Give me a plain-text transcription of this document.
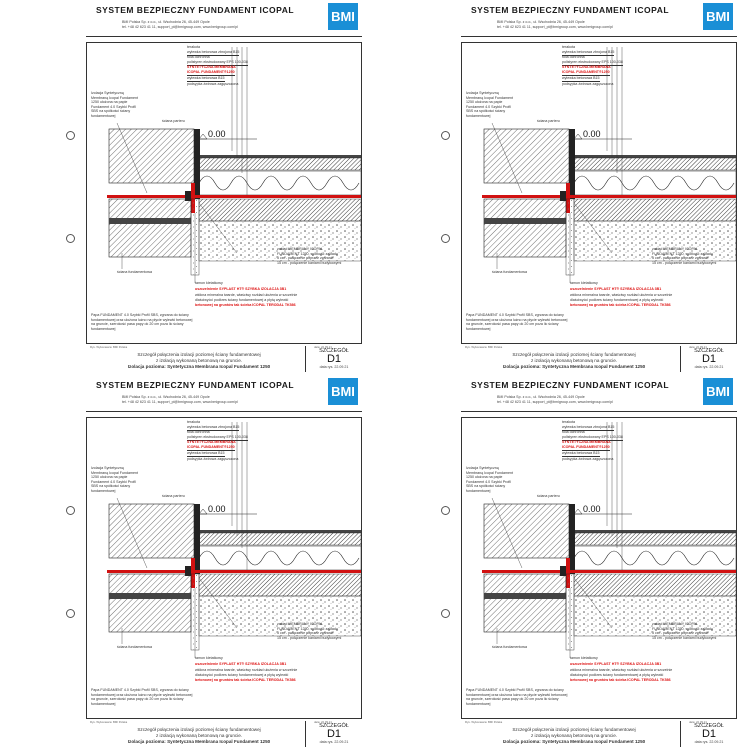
SYSTEM BEZPIECZNY FUNDAMENT ICOPAL
BMI Polska Sp. z o.o., ul. Wschodnia 26, 45-449 Opole
tel. +48 42 623 41 11, support_pl@bmigroup.com, www.bmigroup.com/pl
BMI
terakota
wylewka betonowa zbrojona B15
folia ochronna
polistyren ekstrudowany EPS 100-038
SYNTETYCZNA MEMBRANA
ICOPAL FUNDAMENT®1250
wylewka betonowa B15
podsypka żwirowa zagęszczona
Izolacja Syntetyczną
Membraną Icopal Fundament
1250 ułożona na papie
Fundament 4.0 Szybki Profil
SBS na spółkości ściany
fundamentowej
ściana parteru
0.00
zakład MEMBRANY ICOPAL
FUNDAMENT 1250, spółkość zakładu
5 cm - połączenie poprzez zgrzanie
15 cm - połączenie kaniami budykowymi
ściana fundamentowa
tamon kletatkowy
uszczelnienie SYPLAST HT® SZYBKA IZOLACJA 3B1
włókna mineralna twarde, właściwy rozkład ułożenia w szczelnie
dlaściwyćci podkres ściany fundamentowej a płytą wylewki
betonowej na gruntów tak ścieka ICOPAL TERODAL TK586
Papa FUNDAMENT 4.0 Szybki Profil SBS, zgrzana do ściany
fundamentowej oraz ułożona luźno na płycie wylewki betonowej
na gruncie, szerokość pasa papy ok 20 cm poza lic ściany
fundamentowej
Rys. Wykonawca: BMI Polska	data: 22.09.21
Szczegół połączenia izolacji poziomej ściany fundamentowej
z izolacją wykonaną betonową na gruncie.
Izolacja pozioma: Syntetyczna Membrana Icopal Fundament 1250
SZCZEGÓŁ
D1
data rys. 22.09.21
SYSTEM BEZPIECZNY FUNDAMENT ICOPAL
BMI Polska Sp. z o.o., ul. Wschodnia 26, 45-449 Opole
tel. +48 42 623 41 11, support_pl@bmigroup.com, www.bmigroup.com/pl
BMI
terakota
wylewka betonowa zbrojona B15
folia ochronna
polistyren ekstrudowany EPS 100-038
SYNTETYCZNA MEMBRANA
ICOPAL FUNDAMENT®1250
wylewka betonowa B15
podsypka żwirowa zagęszczona
Izolacja Syntetyczną
Membraną Icopal Fundament
1250 ułożona na papie
Fundament 4.0 Szybki Profil
SBS na spółkości ściany
fundamentowej
ściana parteru
0.00
zakład MEMBRANY ICOPAL
FUNDAMENT 1250, spółkość zakładu
5 cm - połączenie poprzez zgrzanie
15 cm - połączenie kaniami budykowymi
ściana fundamentowa
tamon kletatkowy
uszczelnienie SYPLAST HT® SZYBKA IZOLACJA 3B1
włókna mineralna twarde, właściwy rozkład ułożenia w szczelnie
dlaściwyćci podkres ściany fundamentowej a płytą wylewki
betonowej na gruntów tak ścieka ICOPAL TERODAL TK586
Papa FUNDAMENT 4.0 Szybki Profil SBS, zgrzana do ściany
fundamentowej oraz ułożona luźno na płycie wylewki betonowej
na gruncie, szerokość pasa papy ok 20 cm poza lic ściany
fundamentowej
Rys. Wykonawca: BMI Polska	data: 22.09.21
Szczegół połączenia izolacji poziomej ściany fundamentowej
z izolacją wykonaną betonową na gruncie.
Izolacja pozioma: Syntetyczna Membrana Icopal Fundament 1250
SZCZEGÓŁ
D1
data rys. 22.09.21
SYSTEM BEZPIECZNY FUNDAMENT ICOPAL
BMI Polska Sp. z o.o., ul. Wschodnia 26, 45-449 Opole
tel. +48 42 623 41 11, support_pl@bmigroup.com, www.bmigroup.com/pl
BMI
terakota
wylewka betonowa zbrojona B15
folia ochronna
polistyren ekstrudowany EPS 100-038
SYNTETYCZNA MEMBRANA
ICOPAL FUNDAMENT®1250
wylewka betonowa B15
podsypka żwirowa zagęszczona
Izolacja Syntetyczną
Membraną Icopal Fundament
1250 ułożona na papie
Fundament 4.0 Szybki Profil
SBS na spółkości ściany
fundamentowej
ściana parteru
0.00
zakład MEMBRANY ICOPAL
FUNDAMENT 1250, spółkość zakładu
5 cm - połączenie poprzez zgrzanie
15 cm - połączenie kaniami budykowymi
ściana fundamentowa
tamon kletatkowy
uszczelnienie SYPLAST HT® SZYBKA IZOLACJA 3B1
włókna mineralna twarde, właściwy rozkład ułożenia w szczelnie
dlaściwyćci podkres ściany fundamentowej a płytą wylewki
betonowej na gruntów tak ścieka ICOPAL TERODAL TK586
Papa FUNDAMENT 4.0 Szybki Profil SBS, zgrzana do ściany
fundamentowej oraz ułożona luźno na płycie wylewki betonowej
na gruncie, szerokość pasa papy ok 20 cm poza lic ściany
fundamentowej
Rys. Wykonawca: BMI Polska	data: 22.09.21
Szczegół połączenia izolacji poziomej ściany fundamentowej
z izolacją wykonaną betonową na gruncie.
Izolacja pozioma: Syntetyczna Membrana Icopal Fundament 1250
SZCZEGÓŁ
D1
data rys. 22.09.21
SYSTEM BEZPIECZNY FUNDAMENT ICOPAL
BMI Polska Sp. z o.o., ul. Wschodnia 26, 45-449 Opole
tel. +48 42 623 41 11, support_pl@bmigroup.com, www.bmigroup.com/pl
BMI
terakota
wylewka betonowa zbrojona B15
folia ochronna
polistyren ekstrudowany EPS 100-038
SYNTETYCZNA MEMBRANA
ICOPAL FUNDAMENT®1250
wylewka betonowa B15
podsypka żwirowa zagęszczona
Izolacja Syntetyczną
Membraną Icopal Fundament
1250 ułożona na papie
Fundament 4.0 Szybki Profil
SBS na spółkości ściany
fundamentowej
ściana parteru
0.00
zakład MEMBRANY ICOPAL
FUNDAMENT 1250, spółkość zakładu
5 cm - połączenie poprzez zgrzanie
15 cm - połączenie kaniami budykowymi
ściana fundamentowa
tamon kletatkowy
uszczelnienie SYPLAST HT® SZYBKA IZOLACJA 3B1
włókna mineralna twarde, właściwy rozkład ułożenia w szczelnie
dlaściwyćci podkres ściany fundamentowej a płytą wylewki
betonowej na gruntów tak ścieka ICOPAL TERODAL TK586
Papa FUNDAMENT 4.0 Szybki Profil SBS, zgrzana do ściany
fundamentowej oraz ułożona luźno na płycie wylewki betonowej
na gruncie, szerokość pasa papy ok 20 cm poza lic ściany
fundamentowej
Rys. Wykonawca: BMI Polska	data: 22.09.21
Szczegół połączenia izolacji poziomej ściany fundamentowej
z izolacją wykonaną betonową na gruncie.
Izolacja pozioma: Syntetyczna Membrana Icopal Fundament 1250
SZCZEGÓŁ
D1
data rys. 22.09.21
